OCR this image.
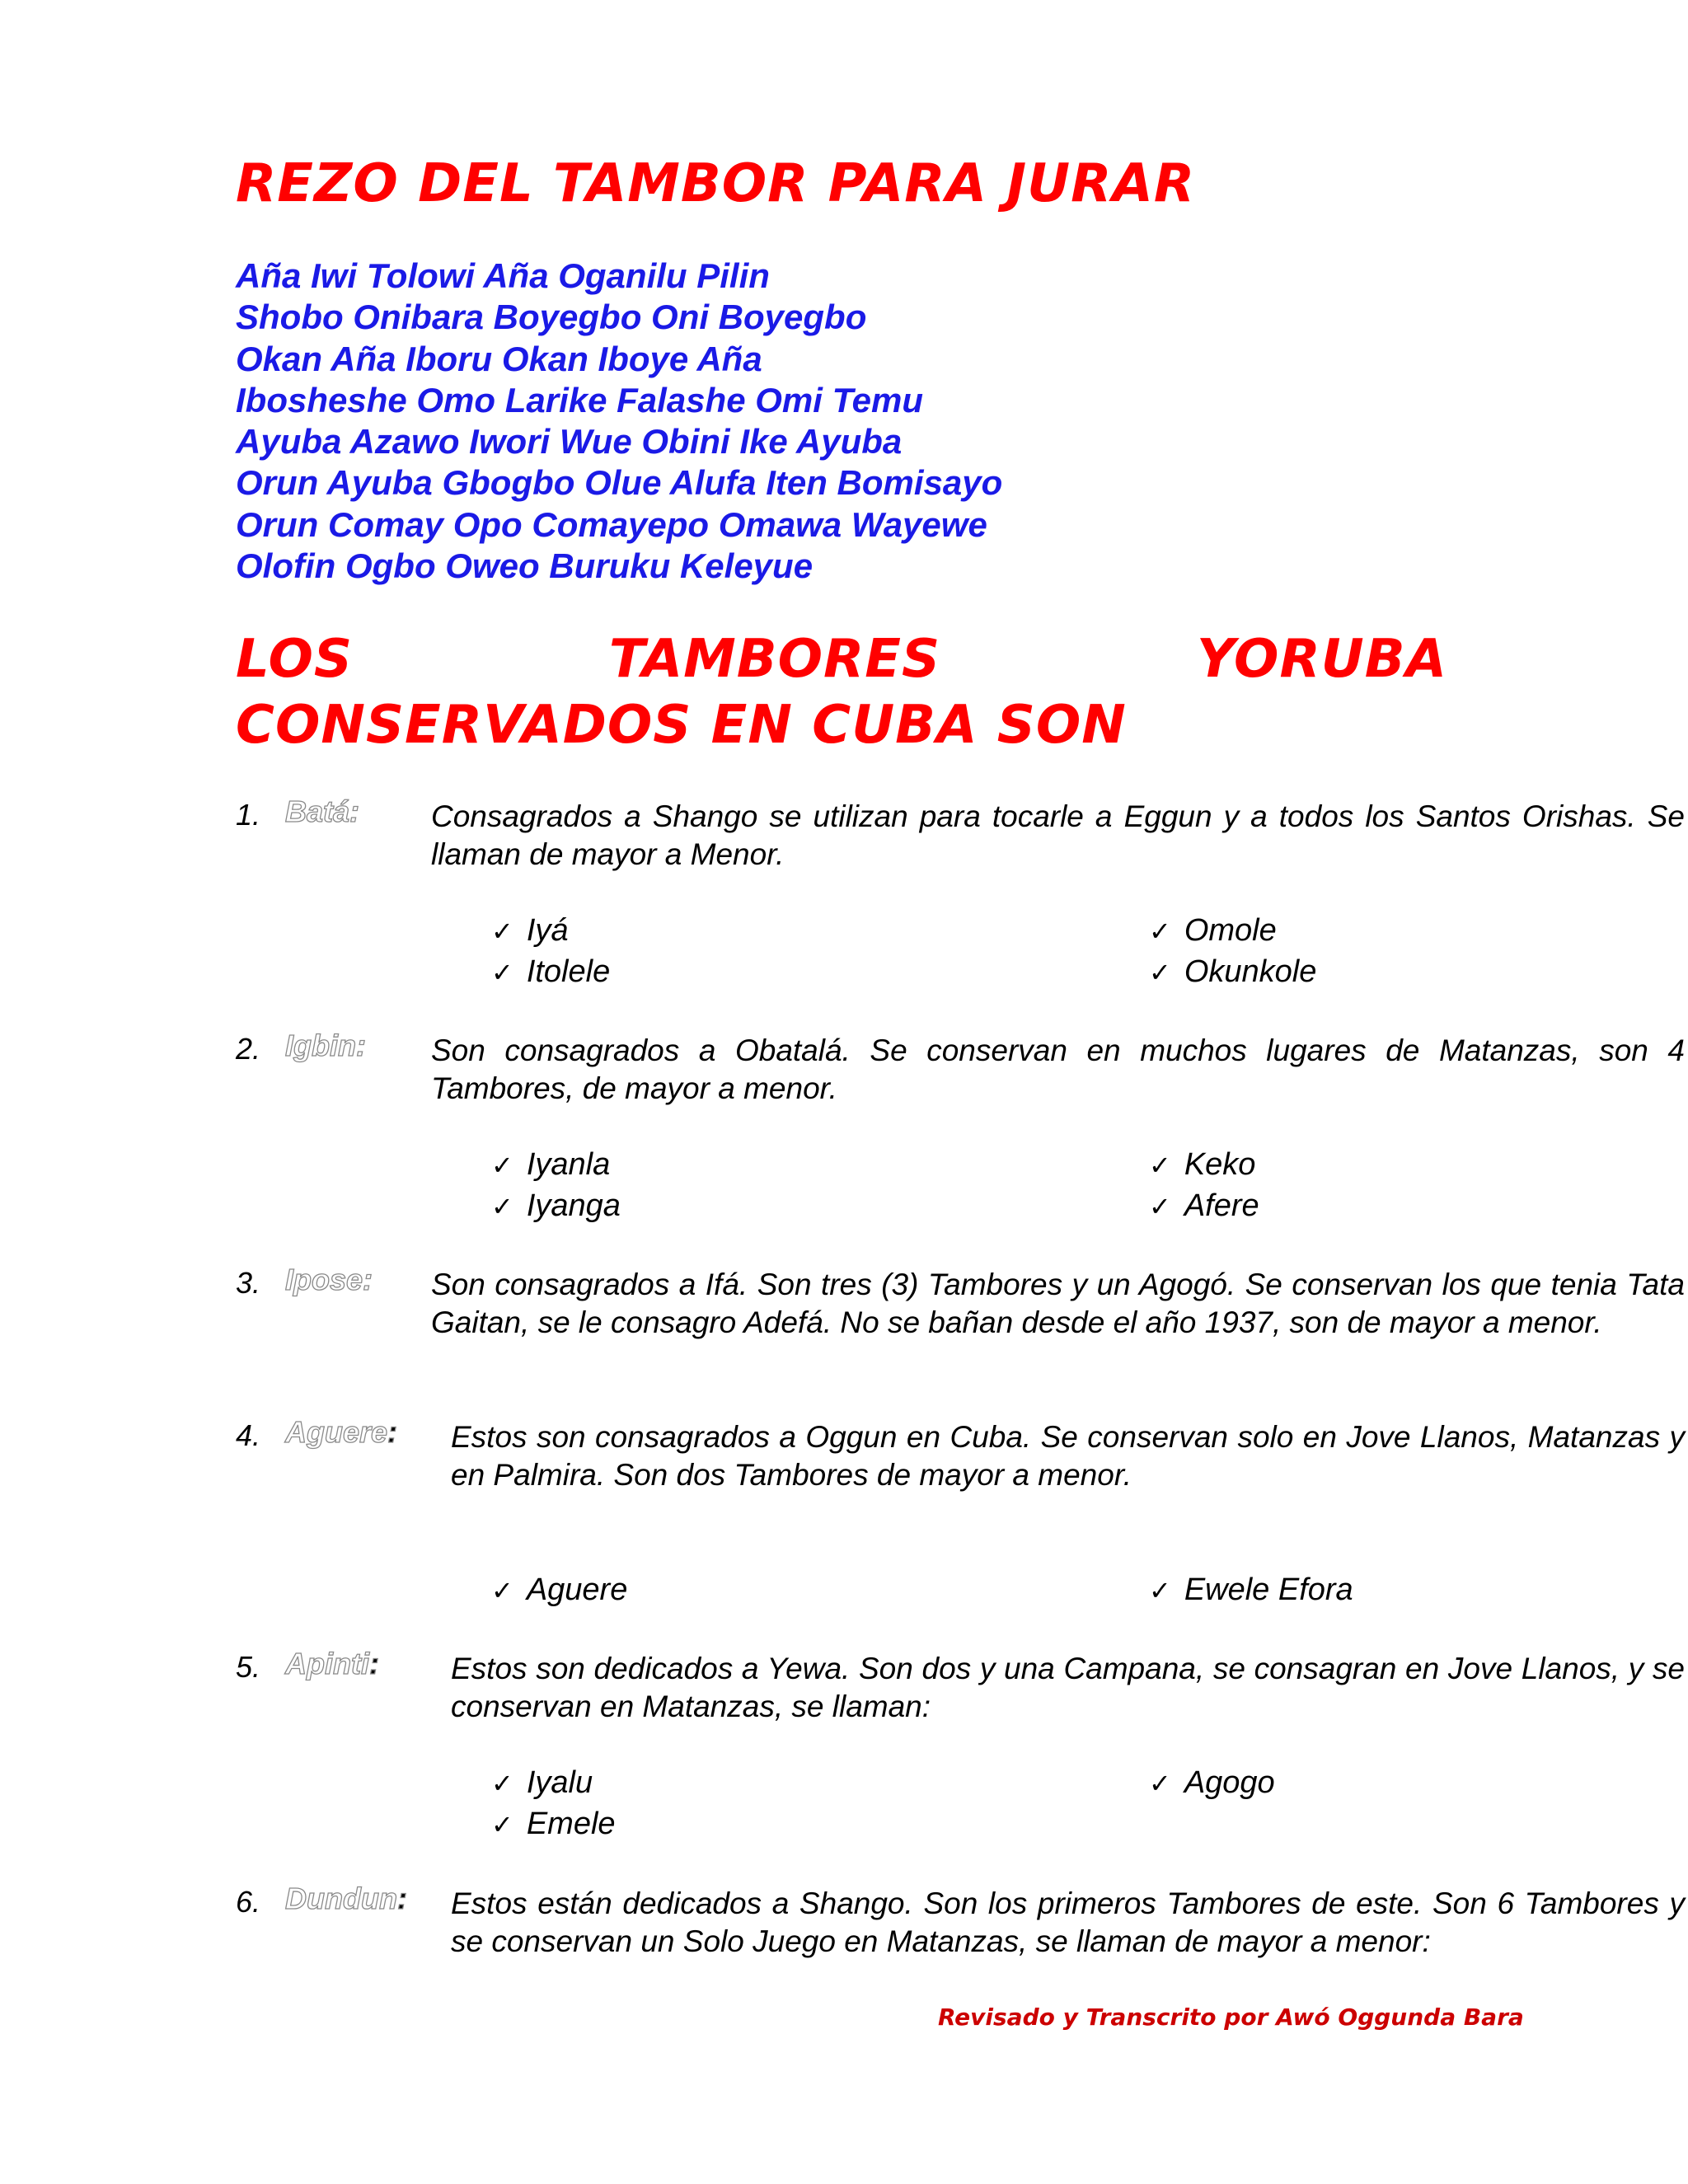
REZO DEL TAMBOR PARA JURAR
Aña Iwi Tolowi Aña Oganilu Pilin
Shobo Onibara Boyegbo Oni Boyegbo
Okan Aña Iboru Okan Iboye Aña
Ibosheshe Omo Larike Falashe Omi Temu
Ayuba Azawo Iwori Wue Obini Ike Ayuba
Orun Ayuba Gbogbo Olue Alufa Iten Bomisayo
Orun Comay Opo Comayepo Omawa Wayewe
Olofin Ogbo Oweo Buruku Keleyue
LOS	TAMBORES	YORUBA
CONSERVADOS EN CUBA SON
1. Batá: Consagrados a Shango se utilizan para tocarle a Eggun y a todos los Santos Orishas. Se llaman de mayor a Menor.
✓ Iyá	✓ Omole
✓ Itolele	✓ Okunkole
2. Igbin: Son consagrados a Obatalá. Se conservan en muchos lugares de Matanzas, son 4 Tambores, de mayor a menor.
✓ Iyanla	✓ Keko
✓ Iyanga	✓ Afere
3. Ipose: Son consagrados a Ifá. Son tres (3) Tambores y un Agogó. Se conservan los que tenia Tata Gaitan, se le consagro Adefá. No se bañan desde el año 1937, son de mayor a menor.
4. Aguere: Estos son consagrados a Oggun en Cuba. Se conservan solo en Jove Llanos, Matanzas y en Palmira. Son dos Tambores de mayor a menor.
✓ Aguere	✓ Ewele Efora
5. Apinti: Estos son dedicados a Yewa. Son dos y una Campana, se consagran en Jove Llanos, y se conservan en Matanzas, se llaman:
✓ Iyalu	✓ Agogo
✓ Emele
6. Dundun: Estos están dedicados a Shango. Son los primeros Tambores de este. Son 6 Tambores y se conservan un Solo Juego en Matanzas, se llaman de mayor a menor:
Revisado y Transcrito por Awó Oggunda Bara
